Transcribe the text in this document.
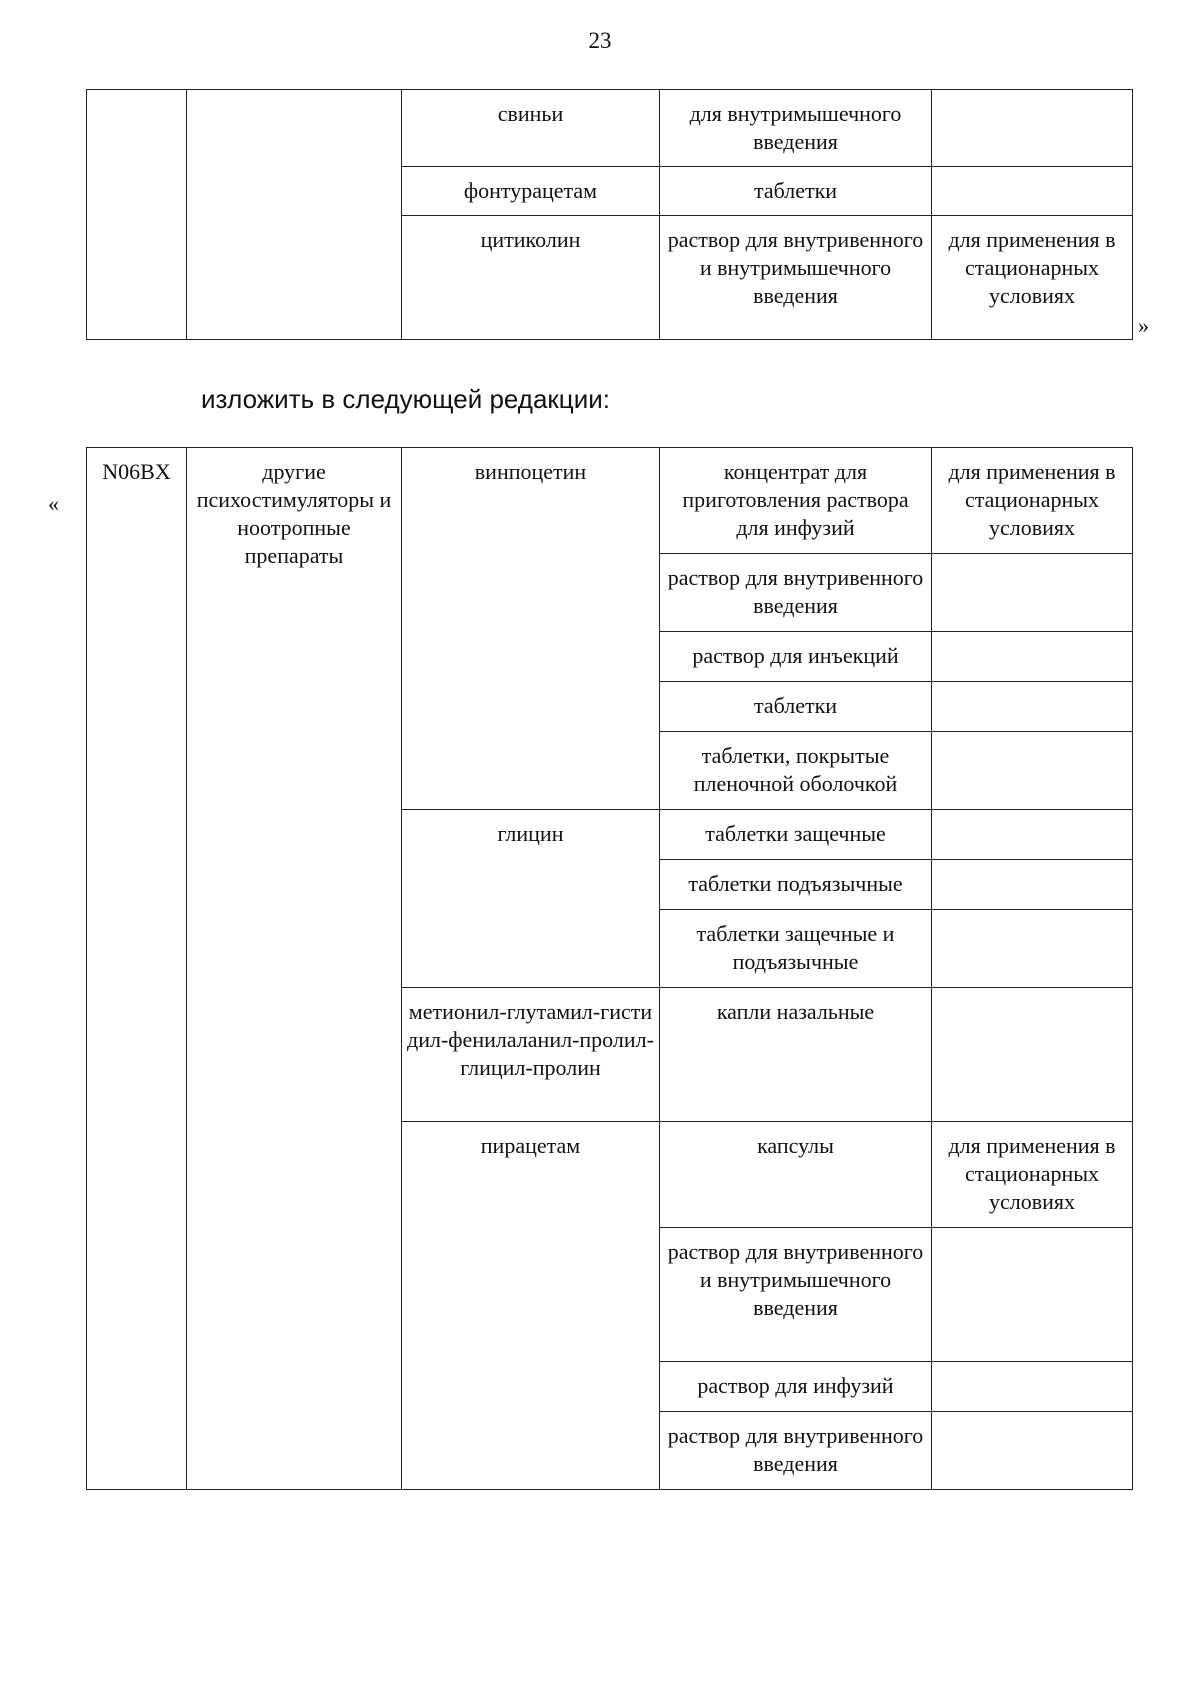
23
		свиньи	для внутримышечного введения	
		фонтурацетам	таблетки	
		цитиколин	раствор для внутривенного и внутримышечного введения	для применения в стационарных условиях
»
изложить в следующей редакции:
«
N06BX	другие психостимуляторы и ноотропные препараты	винпоцетин	концентрат для приготовления раствора для инфузий	для применения в стационарных условиях
			раствор для внутривенного введения	
			раствор для инъекций	
			таблетки	
			таблетки, покрытые пленочной оболочкой	
		глицин	таблетки защечные	
			таблетки подъязычные	
			таблетки защечные и подъязычные	
		метионил-глутамил-гистидил-фенилаланил-пролил-глицил-пролин	капли назальные	
		пирацетам	капсулы	для применения в стационарных условиях
			раствор для внутривенного и внутримышечного введения	
			раствор для инфузий	
			раствор для внутривенного введения	
